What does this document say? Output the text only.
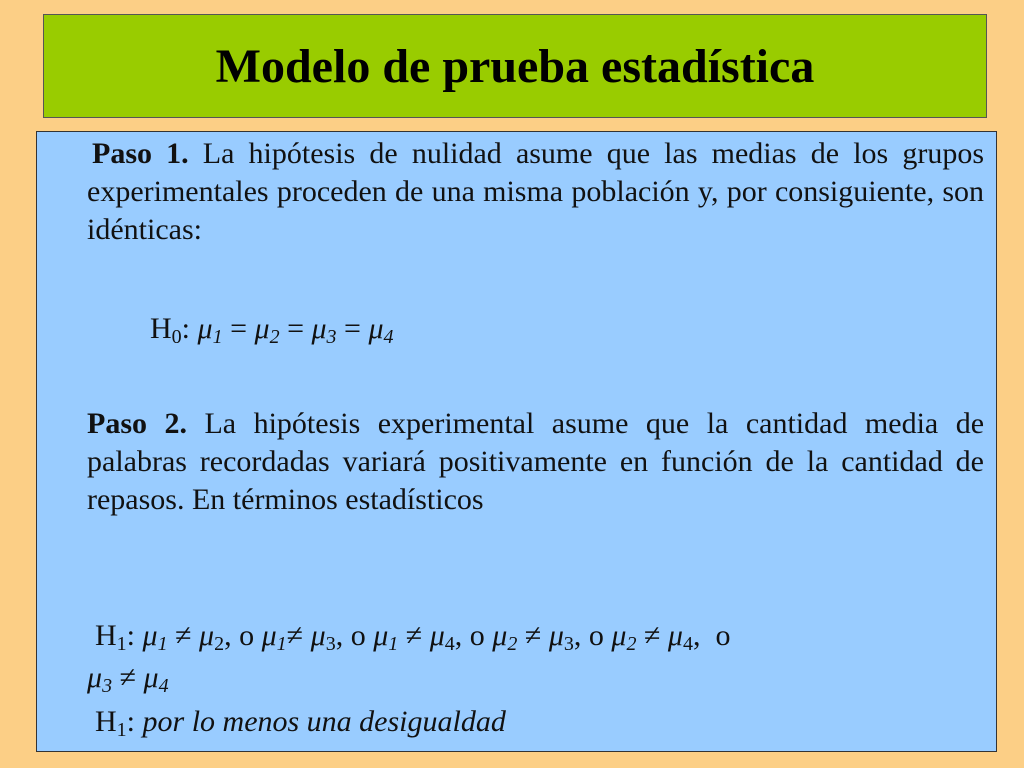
Modelo de prueba estadística
Paso 1. La hipótesis de nulidad asume que las medias de los grupos experimentales proceden de una misma población y, por consiguiente, son idénticas:
$H_0$: $\mu_1 = \mu_2 = \mu_3 = \mu_4$
Paso 2. La hipótesis experimental asume que la cantidad media de palabras recordadas variará positivamente en función de la cantidad de repasos. En términos estadísticos
$H_1$: $\mu_1 \ne \mu_2$, o $\mu_1\ne \mu_3$, o $\mu_1 \ne \mu_4$, o $\mu_2 \ne \mu_3$, o $\mu_2 \ne \mu_4$,  o
$\mu_3 \ne \mu_4$
$H_1$: por lo menos una desigualdad
